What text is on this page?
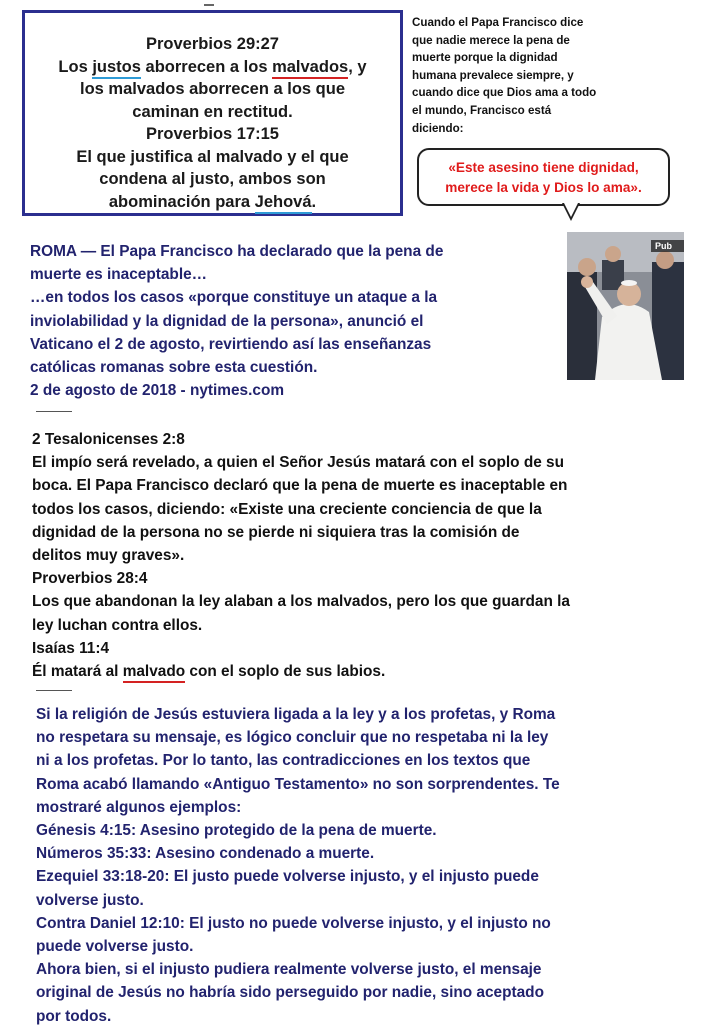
Proverbios 29:27
Los justos aborrecen a los malvados, y
los malvados aborrecen a los que
caminan en rectitud.
Proverbios 17:15
El que justifica al malvado y el que
condena al justo, ambos son
abominación para Jehová.
Cuando el Papa Francisco dice
que nadie merece la pena de
muerte porque la dignidad
humana prevalece siempre, y
cuando dice que Dios ama a todo
el mundo, Francisco está
diciendo:
«Este asesino tiene dignidad,
merece la vida y Dios lo ama».
ROMA — El Papa Francisco ha declarado que la pena de
muerte es inaceptable…
…en todos los casos «porque constituye un ataque a la
inviolabilidad y la dignidad de la persona», anunció el
Vaticano el 2 de agosto, revirtiendo así las enseñanzas
católicas romanas sobre esta cuestión.
2 de agosto de 2018 - nytimes.com
Pub
2 Tesalonicenses 2:8
El impío será revelado, a quien el Señor Jesús matará con el soplo de su
boca. El Papa Francisco declaró que la pena de muerte es inaceptable en
todos los casos, diciendo: «Existe una creciente conciencia de que la
dignidad de la persona no se pierde ni siquiera tras la comisión de
delitos muy graves».
Proverbios 28:4
Los que abandonan la ley alaban a los malvados, pero los que guardan la
ley luchan contra ellos.
Isaías 11:4
Él matará al malvado con el soplo de sus labios.
Si la religión de Jesús estuviera ligada a la ley y a los profetas, y Roma
no respetara su mensaje, es lógico concluir que no respetaba ni la ley
ni a los profetas. Por lo tanto, las contradicciones en los textos que
Roma acabó llamando «Antiguo Testamento» no son sorprendentes. Te
mostraré algunos ejemplos:
Génesis 4:15: Asesino protegido de la pena de muerte.
Números 35:33: Asesino condenado a muerte.
Ezequiel 33:18-20: El justo puede volverse injusto, y el injusto puede
volverse justo.
Contra Daniel 12:10: El justo no puede volverse injusto, y el injusto no
puede volverse justo.
Ahora bien, si el injusto pudiera realmente volverse justo, el mensaje
original de Jesús no habría sido perseguido por nadie, sino aceptado
por todos.
